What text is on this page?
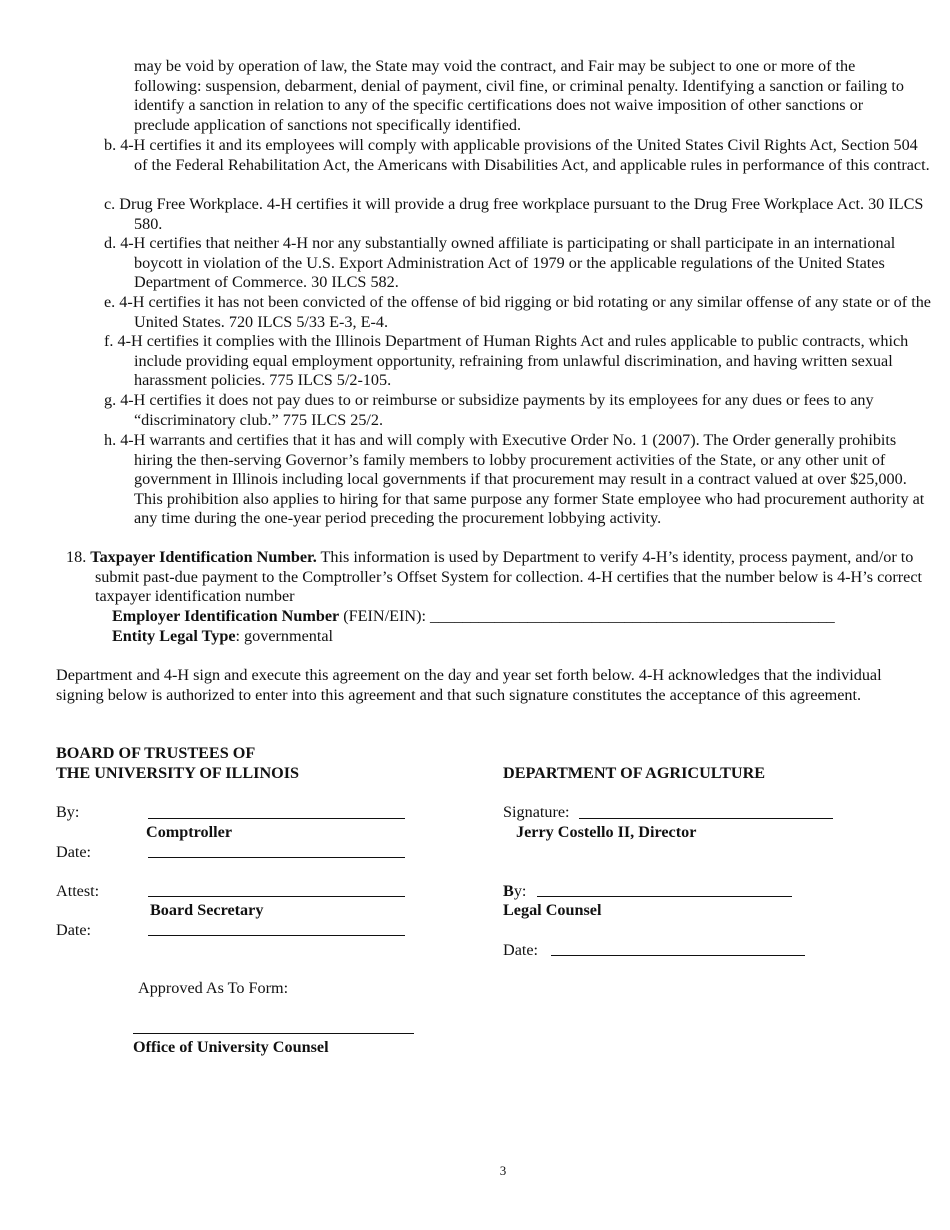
may be void by operation of law, the State may void the contract, and Fair may be subject to one or more of the following: suspension, debarment, denial of payment, civil fine, or criminal penalty. Identifying a sanction or failing to identify a sanction in relation to any of the specific certifications does not waive imposition of other sanctions or preclude application of sanctions not specifically identified.
b. 4-H certifies it and its employees will comply with applicable provisions of the United States Civil Rights Act, Section 504 of the Federal Rehabilitation Act, the Americans with Disabilities Act, and applicable rules in performance of this contract.
c. Drug Free Workplace. 4-H certifies it will provide a drug free workplace pursuant to the Drug Free Workplace Act. 30 ILCS 580.
d. 4-H certifies that neither 4-H nor any substantially owned affiliate is participating or shall participate in an international boycott in violation of the U.S. Export Administration Act of 1979 or the applicable regulations of the United States Department of Commerce. 30 ILCS 582.
e. 4-H certifies it has not been convicted of the offense of bid rigging or bid rotating or any similar offense of any state or of the United States. 720 ILCS 5/33 E-3, E-4.
f. 4-H certifies it complies with the Illinois Department of Human Rights Act and rules applicable to public contracts, which include providing equal employment opportunity, refraining from unlawful discrimination, and having written sexual harassment policies. 775 ILCS 5/2-105.
g. 4-H certifies it does not pay dues to or reimburse or subsidize payments by its employees for any dues or fees to any “discriminatory club.” 775 ILCS 25/2.
h. 4-H warrants and certifies that it has and will comply with Executive Order No. 1 (2007). The Order generally prohibits hiring the then-serving Governor’s family members to lobby procurement activities of the State, or any other unit of government in Illinois including local governments if that procurement may result in a contract valued at over $25,000. This prohibition also applies to hiring for that same purpose any former State employee who had procurement authority at any time during the one-year period preceding the procurement lobbying activity.
18. Taxpayer Identification Number. This information is used by Department to verify 4-H’s identity, process payment, and/or to submit past-due payment to the Comptroller’s Offset System for collection. 4-H certifies that the number below is 4-H’s correct taxpayer identification number
Employer Identification Number (FEIN/EIN): __________________________________________________
Entity Legal Type: governmental
Department and 4-H sign and execute this agreement on the day and year set forth below. 4-H acknowledges that the individual signing below is authorized to enter into this agreement and that such signature constitutes the acceptance of this agreement.
BOARD OF TRUSTEES OF
THE UNIVERSITY OF ILLINOIS
By:
Comptroller
Date:
Attest:
Board Secretary
Date:
Approved As To Form:
Office of University Counsel
DEPARTMENT OF AGRICULTURE
Signature:
Jerry Costello II, Director
By:
Legal Counsel
Date:
3
